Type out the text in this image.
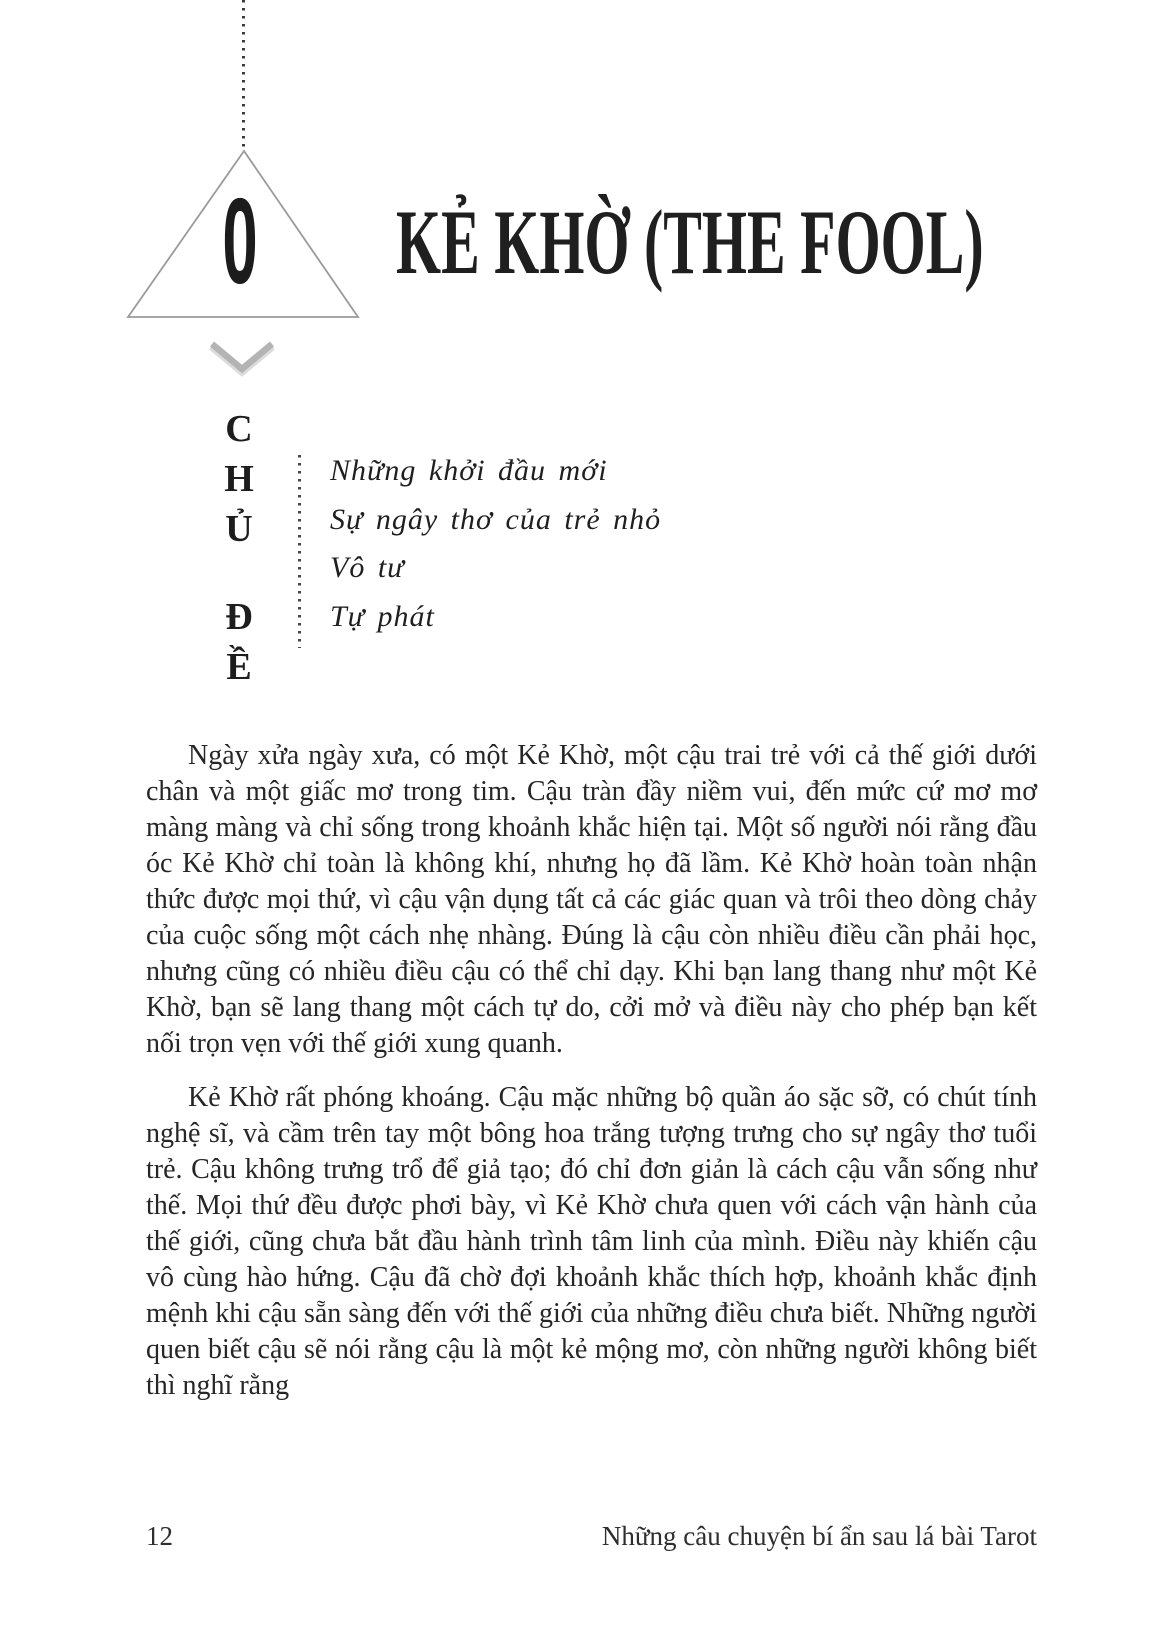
0 KẺ KHỜ (THE FOOL)
C
H
Ủ
Đ
Ề
Những khởi đầu mới
Sự ngây thơ của trẻ nhỏ
Vô tư
Tự phát

Ngày xửa ngày xưa, có một Kẻ Khờ, một cậu trai trẻ với cả thế giới dưới chân và một giấc mơ trong tim. Cậu tràn đầy niềm vui, đến mức cứ mơ mơ màng màng và chỉ sống trong khoảnh khắc hiện tại. Một số người nói rằng đầu óc Kẻ Khờ chỉ toàn là không khí, nhưng họ đã lầm. Kẻ Khờ hoàn toàn nhận thức được mọi thứ, vì cậu vận dụng tất cả các giác quan và trôi theo dòng chảy của cuộc sống một cách nhẹ nhàng. Đúng là cậu còn nhiều điều cần phải học, nhưng cũng có nhiều điều cậu có thể chỉ dạy. Khi bạn lang thang như một Kẻ Khờ, bạn sẽ lang thang một cách tự do, cởi mở và điều này cho phép bạn kết nối trọn vẹn với thế giới xung quanh.

Kẻ Khờ rất phóng khoáng. Cậu mặc những bộ quần áo sặc sỡ, có chút tính nghệ sĩ, và cầm trên tay một bông hoa trắng tượng trưng cho sự ngây thơ tuổi trẻ. Cậu không trưng trổ để giả tạo; đó chỉ đơn giản là cách cậu vẫn sống như thế. Mọi thứ đều được phơi bày, vì Kẻ Khờ chưa quen với cách vận hành của thế giới, cũng chưa bắt đầu hành trình tâm linh của mình. Điều này khiến cậu vô cùng hào hứng. Cậu đã chờ đợi khoảnh khắc thích hợp, khoảnh khắc định mệnh khi cậu sẵn sàng đến với thế giới của những điều chưa biết. Những người quen biết cậu sẽ nói rằng cậu là một kẻ mộng mơ, còn những người không biết thì nghĩ rằng

12	Những câu chuyện bí ẩn sau lá bài Tarot
